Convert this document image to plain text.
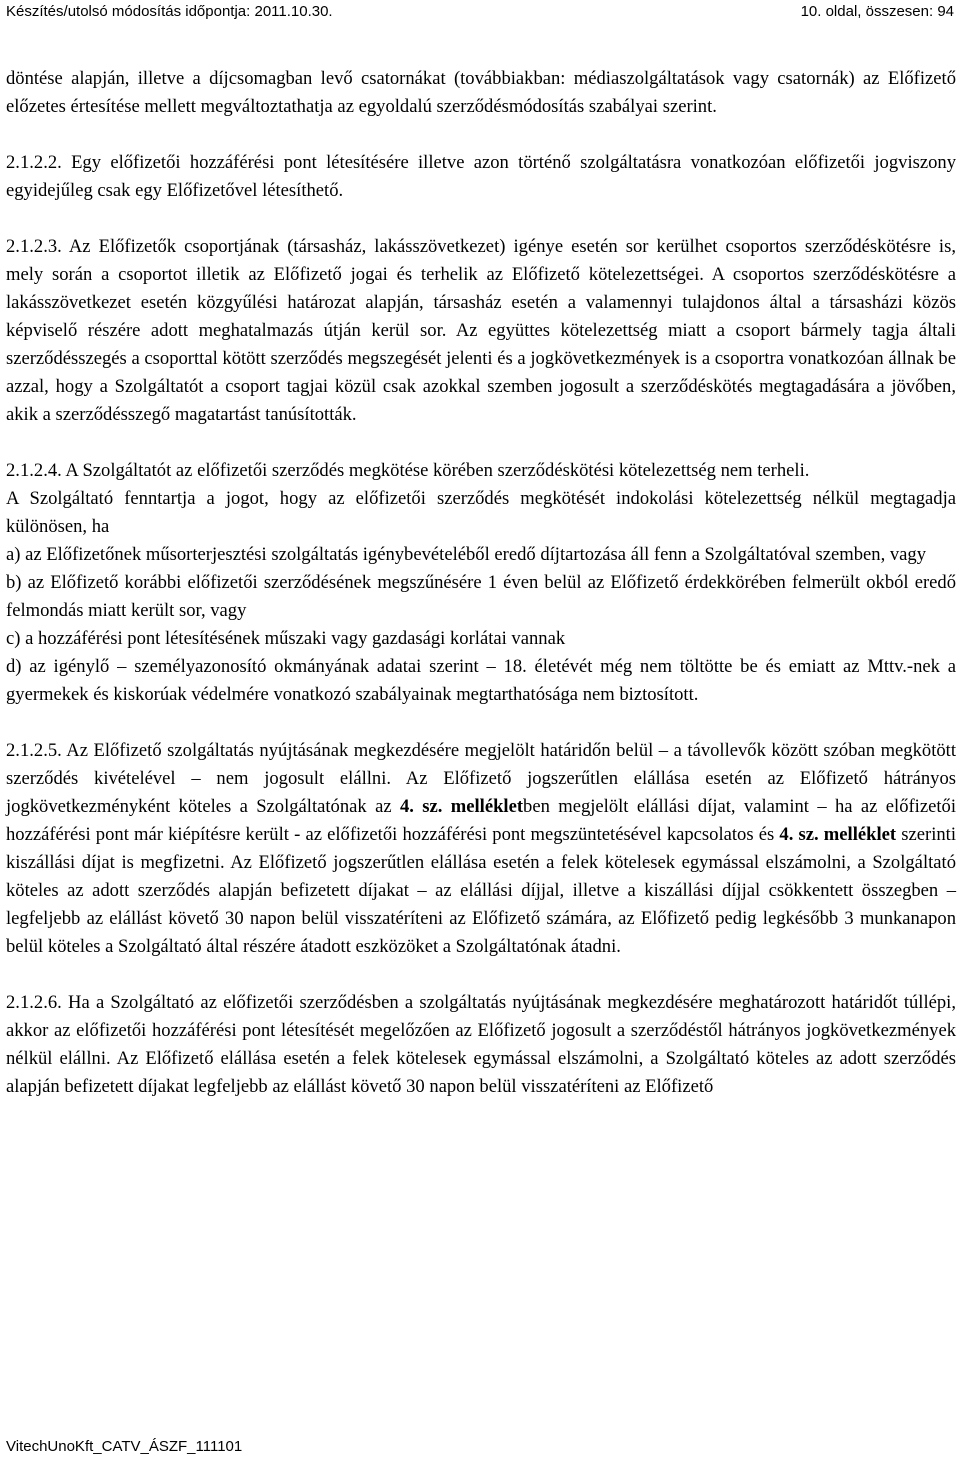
Készítés/utolsó módosítás időpontja: 2011.10.30.	10. oldal, összesen: 94

döntése alapján, illetve a díjcsomagban levő csatornákat (továbbiakban: médiaszolgáltatások vagy csatornák) az Előfizető előzetes értesítése mellett megváltoztathatja az egyoldalú szerződésmódosítás szabályai szerint.

2.1.2.2. Egy előfizetői hozzáférési pont létesítésére illetve azon történő szolgáltatásra vonatkozóan előfizetői jogviszony egyidejűleg csak egy Előfizetővel létesíthető.

2.1.2.3. Az Előfizetők csoportjának (társasház, lakásszövetkezet) igénye esetén sor kerülhet csoportos szerződéskötésre is, mely során a csoportot illetik az Előfizető jogai és terhelik az Előfizető kötelezettségei. A csoportos szerződéskötésre a lakásszövetkezet esetén közgyűlési határozat alapján, társasház esetén a valamennyi tulajdonos által a társasházi közös képviselő részére adott meghatalmazás útján kerül sor. Az együttes kötelezettség miatt a csoport bármely tagja általi szerződésszegés a csoporttal kötött szerződés megszegését jelenti és a jogkövetkezmények is a csoportra vonatkozóan állnak be azzal, hogy a Szolgáltatót a csoport tagjai közül csak azokkal szemben jogosult a szerződéskötés megtagadására a jövőben, akik a szerződésszegő magatartást tanúsították.

2.1.2.4. A Szolgáltatót az előfizetői szerződés megkötése körében szerződéskötési kötelezettség nem terheli.

A Szolgáltató fenntartja a jogot, hogy az előfizetői szerződés megkötését indokolási kötelezettség nélkül megtagadja különösen, ha

a) az Előfizetőnek műsorterjesztési szolgáltatás igénybevételéből eredő díjtartozása áll fenn a Szolgáltatóval szemben, vagy

b) az Előfizető korábbi előfizetői szerződésének megszűnésére 1 éven belül az Előfizető érdekkörében felmerült okból eredő felmondás miatt került sor, vagy

c) a hozzáférési pont létesítésének műszaki vagy gazdasági korlátai vannak

d) az igénylő – személyazonosító okmányának adatai szerint – 18. életévét még nem töltötte be és emiatt az Mttv.-nek a gyermekek és kiskorúak védelmére vonatkozó szabályainak megtarthatósága nem biztosított.

2.1.2.5. Az Előfizető szolgáltatás nyújtásának megkezdésére megjelölt határidőn belül – a távollevők között szóban megkötött szerződés kivételével – nem jogosult elállni. Az Előfizető jogszerűtlen elállása esetén az Előfizető hátrányos jogkövetkezményként köteles a Szolgáltatónak az 4. sz. mellékletben megjelölt elállási díjat, valamint – ha az előfizetői hozzáférési pont már kiépítésre került - az előfizetői hozzáférési pont megszüntetésével kapcsolatos és 4. sz. melléklet szerinti kiszállási díjat is megfizetni. Az Előfizető jogszerűtlen elállása esetén a felek kötelesek egymással elszámolni, a Szolgáltató köteles az adott szerződés alapján befizetett díjakat – az elállási díjjal, illetve a kiszállási díjjal csökkentett összegben – legfeljebb az elállást követő 30 napon belül visszatéríteni az Előfizető számára, az Előfizető pedig legkésőbb 3 munkanapon belül köteles a Szolgáltató által részére átadott eszközöket a Szolgáltatónak átadni.

2.1.2.6. Ha a Szolgáltató az előfizetői szerződésben a szolgáltatás nyújtásának megkezdésére meghatározott határidőt túllépi, akkor az előfizetői hozzáférési pont létesítését megelőzően az Előfizető jogosult a szerződéstől hátrányos jogkövetkezmények nélkül elállni. Az Előfizető elállása esetén a felek kötelesek egymással elszámolni, a Szolgáltató köteles az adott szerződés alapján befizetett díjakat legfeljebb az elállást követő 30 napon belül visszatéríteni az Előfizető

VitechUnoKft_CATV_ÁSZF_111101
